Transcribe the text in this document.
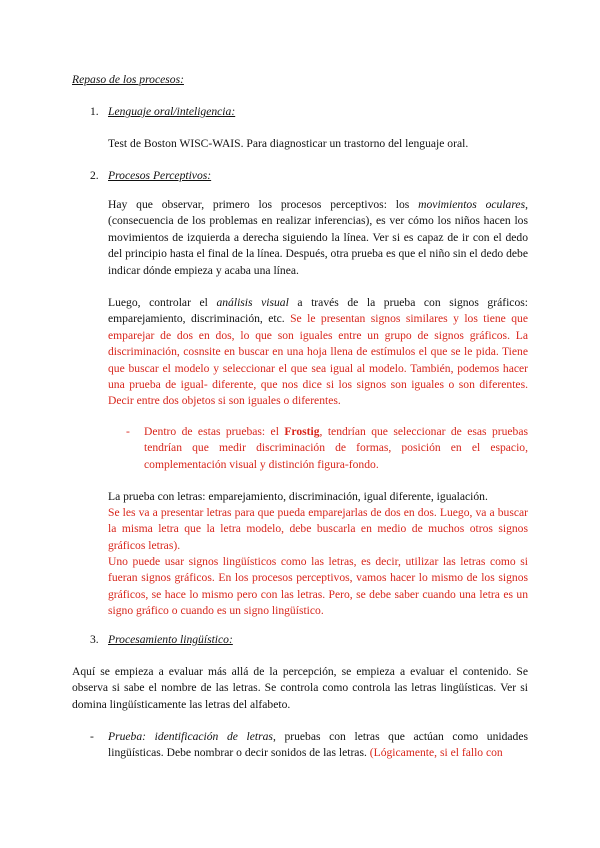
Repaso de los procesos:
1. Lenguaje oral/inteligencia:
Test de Boston WISC-WAIS. Para diagnosticar un trastorno del lenguaje oral.
2. Procesos Perceptivos:
Hay que observar, primero los procesos perceptivos: los movimientos oculares, (consecuencia de los problemas en realizar inferencias), es ver cómo los niños hacen los movimientos de izquierda a derecha siguiendo la línea. Ver si es capaz de ir con el dedo del principio hasta el final de la línea. Después, otra prueba es que el niño sin el dedo debe indicar dónde empieza y acaba una línea.
Luego, controlar el análisis visual a través de la prueba con signos gráficos: emparejamiento, discriminación, etc. Se le presentan signos similares y los tiene que emparejar de dos en dos, lo que son iguales entre un grupo de signos gráficos. La discriminación, cosnsite en buscar en una hoja llena de estímulos el que se le pida. Tiene que buscar el modelo y seleccionar el que sea igual al modelo. También, podemos hacer una prueba de igual- diferente, que nos dice si los signos son iguales o son diferentes. Decir entre dos objetos si son iguales o diferentes.
- Dentro de estas pruebas: el Frostig, tendrían que seleccionar de esas pruebas tendrían que medir discriminación de formas, posición en el espacio, complementación visual y distinción figura-fondo.
La prueba con letras: emparejamiento, discriminación, igual diferente, igualación.
Se les va a presentar letras para que pueda emparejarlas de dos en dos. Luego, va a buscar la misma letra que la letra modelo, debe buscarla en medio de muchos otros signos gráficos letras).
Uno puede usar signos lingüísticos como las letras, es decir, utilizar las letras como si fueran signos gráficos. En los procesos perceptivos, vamos hacer lo mismo de los signos gráficos, se hace lo mismo pero con las letras. Pero, se debe saber cuando una letra es un signo gráfico o cuando es un signo lingüístico.
3. Procesamiento lingüístico:
Aquí se empieza a evaluar más allá de la percepción, se empieza a evaluar el contenido. Se observa si sabe el nombre de las letras. Se controla como controla las letras lingüísticas. Ver si domina lingüísticamente las letras del alfabeto.
- Prueba: identificación de letras, pruebas con letras que actúan como unidades lingüísticas. Debe nombrar o decir sonidos de las letras. (Lógicamente, si el fallo con
